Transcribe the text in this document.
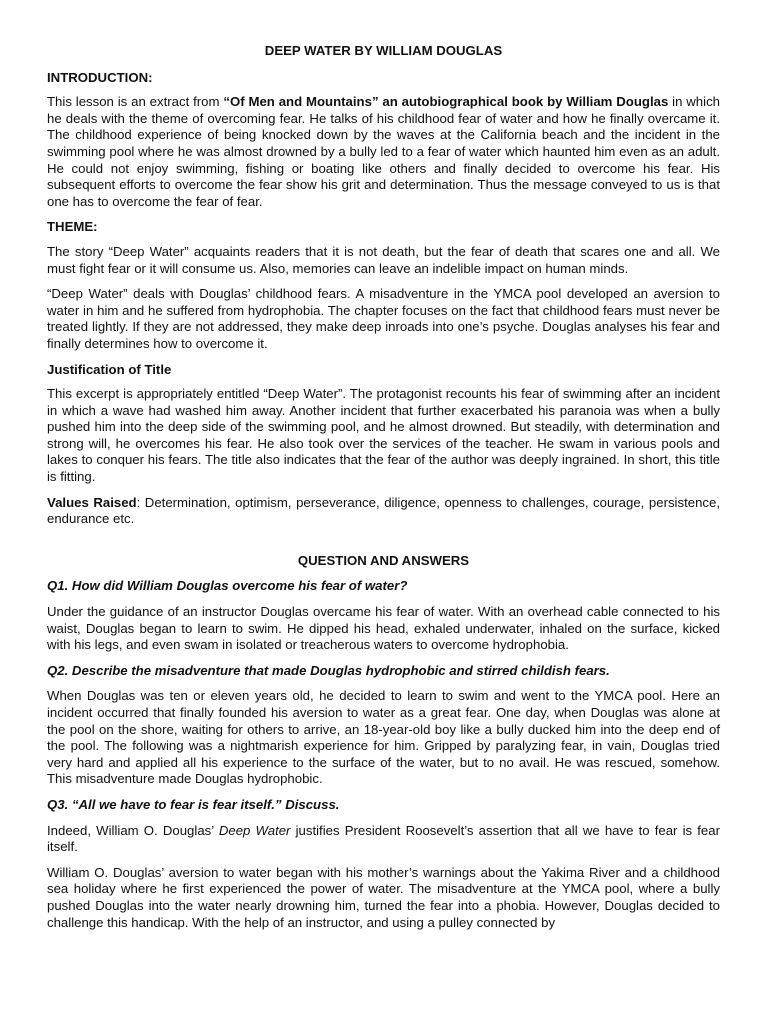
DEEP WATER BY WILLIAM DOUGLAS
INTRODUCTION:

This lesson is an extract from “Of Men and Mountains” an autobiographical book by William Douglas in which he deals with the theme of overcoming fear. He talks of his childhood fear of water and how he finally overcame it. The childhood experience of being knocked down by the waves at the California beach and the incident in the swimming pool where he was almost drowned by a bully led to a fear of water which haunted him even as an adult. He could not enjoy swimming, fishing or boating like others and finally decided to overcome his fear. His subsequent efforts to overcome the fear show his grit and determination. Thus the message conveyed to us is that one has to overcome the fear of fear.

THEME:

The story “Deep Water” acquaints readers that it is not death, but the fear of death that scares one and all. We must fight fear or it will consume us. Also, memories can leave an indelible impact on human minds.

“Deep Water” deals with Douglas’ childhood fears. A misadventure in the YMCA pool developed an aversion to water in him and he suffered from hydrophobia. The chapter focuses on the fact that childhood fears must never be treated lightly. If they are not addressed, they make deep inroads into one’s psyche. Douglas analyses his fear and finally determines how to overcome it.

Justification of Title

This excerpt is appropriately entitled “Deep Water”. The protagonist recounts his fear of swimming after an incident in which a wave had washed him away. Another incident that further exacerbated his paranoia was when a bully pushed him into the deep side of the swimming pool, and he almost drowned. But steadily, with determination and strong will, he overcomes his fear. He also took over the services of the teacher. He swam in various pools and lakes to conquer his fears. The title also indicates that the fear of the author was deeply ingrained. In short, this title is fitting.

Values Raised: Determination, optimism, perseverance, diligence, openness to challenges, courage, persistence, endurance etc.

QUESTION AND ANSWERS
Q1. How did William Douglas overcome his fear of water?

Under the guidance of an instructor Douglas overcame his fear of water. With an overhead cable connected to his waist, Douglas began to learn to swim. He dipped his head, exhaled underwater, inhaled on the surface, kicked with his legs, and even swam in isolated or treacherous waters to overcome hydrophobia.

Q2. Describe the misadventure that made Douglas hydrophobic and stirred childish fears.

When Douglas was ten or eleven years old, he decided to learn to swim and went to the YMCA pool. Here an incident occurred that finally founded his aversion to water as a great fear. One day, when Douglas was alone at the pool on the shore, waiting for others to arrive, an 18-year-old boy like a bully ducked him into the deep end of the pool. The following was a nightmarish experience for him. Gripped by paralyzing fear, in vain, Douglas tried very hard and applied all his experience to the surface of the water, but to no avail. He was rescued, somehow. This misadventure made Douglas hydrophobic.

Q3. “All we have to fear is fear itself.” Discuss.

Indeed, William O. Douglas’ Deep Water justifies President Roosevelt’s assertion that all we have to fear is fear itself.

William O. Douglas’ aversion to water began with his mother’s warnings about the Yakima River and a childhood sea holiday where he first experienced the power of water. The misadventure at the YMCA pool, where a bully pushed Douglas into the water nearly drowning him, turned the fear into a phobia. However, Douglas decided to challenge this handicap. With the help of an instructor, and using a pulley connected by
